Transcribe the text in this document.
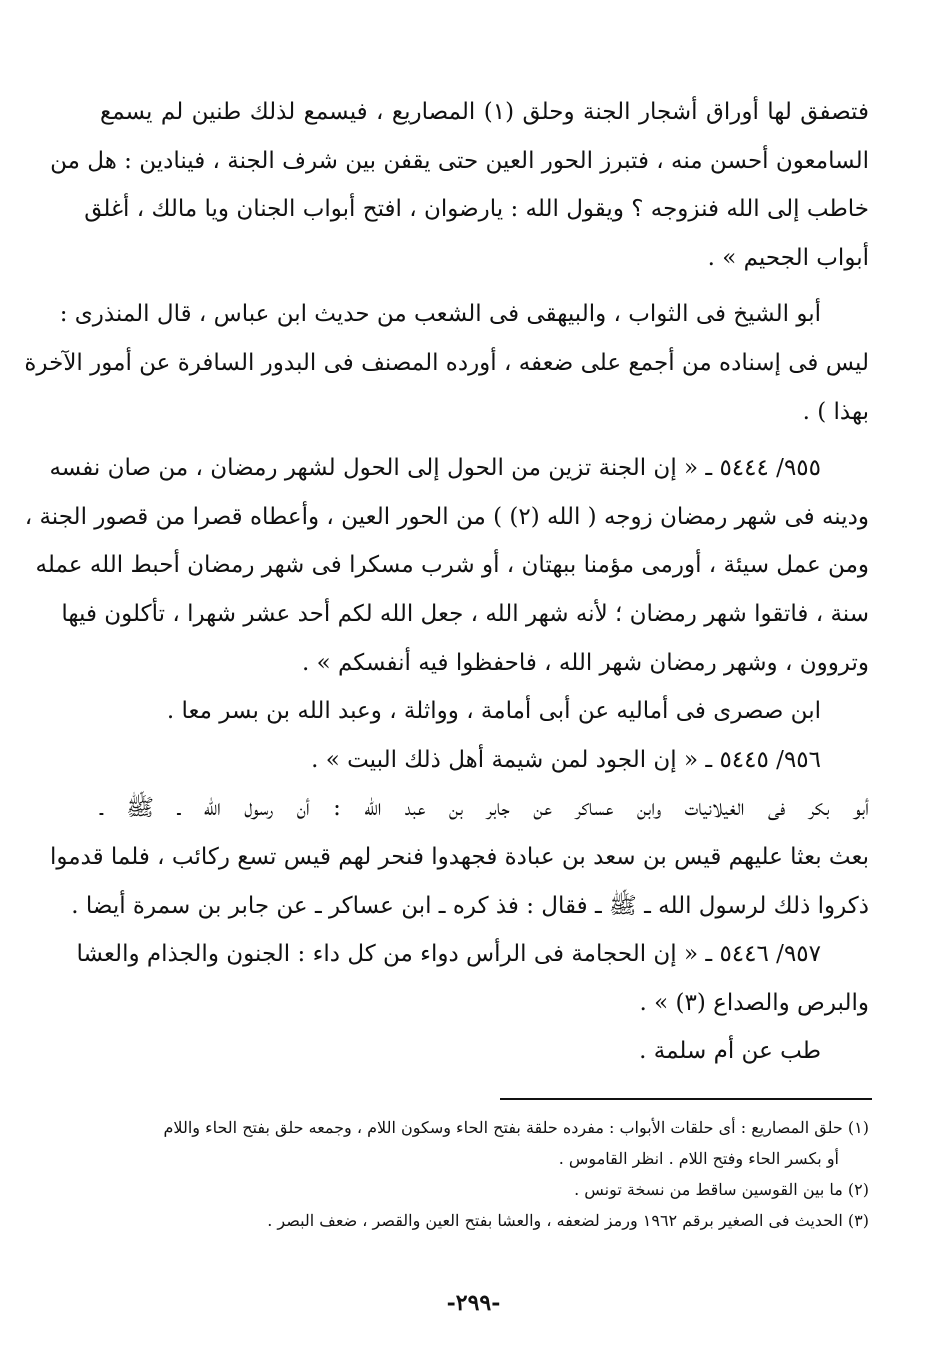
فتصفق لها أوراق أشجار الجنة وحلق (١) المصاريع ، فيسمع لذلك طنين لم يسمع
السامعون أحسن منه ، فتبرز الحور العين حتى يقفن بين شرف الجنة ، فينادين : هل من
خاطب إلى الله فنزوجه ؟ ويقول الله : يارضوان ، افتح أبواب الجنان ويا مالك ، أغلق
أبواب الجحيم » .
أبو الشيخ فى الثواب ، والبيهقى فى الشعب من حديث ابن عباس ، قال المنذرى :
ليس فى إسناده من أجمع على ضعفه ، أورده المصنف فى البدور السافرة عن أمور الآخرة
بهذا ) .
٩٥٥/ ٥٤٤٤ ـ « إن الجنة تزين من الحول إلى الحول لشهر رمضان ، من صان نفسه
ودينه فى شهر رمضان زوجه ( الله (٢) ) من الحور العين ، وأعطاه قصرا من قصور الجنة ،
ومن عمل سيئة ، أورمى مؤمنا ببهتان ، أو شرب مسكرا فى شهر رمضان أحبط الله عمله
سنة ، فاتقوا شهر رمضان ؛ لأنه شهر الله ، جعل الله لكم أحد عشر شهرا ، تأكلون فيها
وتروون ، وشهر رمضان شهر الله ، فاحفظوا فيه أنفسكم » .
ابن صصرى فى أماليه عن أبى أمامة ، وواثلة ، وعبد الله بن بسر معا .
٩٥٦/ ٥٤٤٥ ـ « إن الجود لمن شيمة أهل ذلك البيت » .
أبو بكر فى الغيلانيات وابن عساكر عن جابر بن عبد الله : أن رسول الله ـ ﷺ ـ
بعث بعثا عليهم قيس بن سعد بن عبادة فجهدوا فنحر لهم قيس تسع ركائب ، فلما قدموا
ذكروا ذلك لرسول الله ـ ﷺ ـ فقال : فذ كره ـ ابن عساكر ـ عن جابر بن سمرة أيضا .
٩٥٧/ ٥٤٤٦ ـ « إن الحجامة فى الرأس دواء من كل داء : الجنون والجذام والعشا
والبرص والصداع (٣) » .
طب عن أم سلمة .
(١) حلق المصاريع : أى حلقات الأبواب : مفرده حلقة بفتح الحاء وسكون اللام ، وجمعه حلق بفتح الحاء واللام
أو بكسر الحاء وفتح اللام . انظر القاموس .
(٢) ما بين القوسين ساقط من نسخة تونس .
(٣) الحديث فى الصغير برقم ١٩٦٢ ورمز لضعفه ، والعشا بفتح العين والقصر ، ضعف البصر .
-٢٩٩-
